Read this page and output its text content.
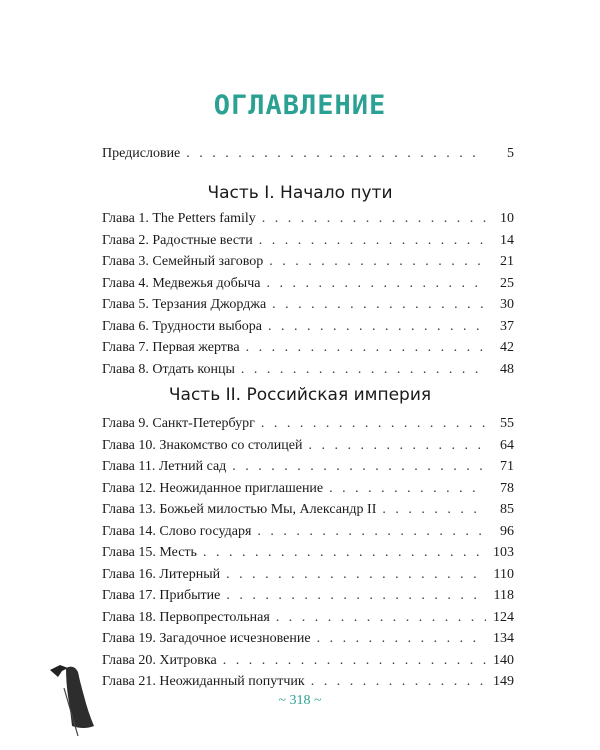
ОГЛАВЛЕНИЕ
Предисловие . . .	5
Часть I. Начало пути
Глава 1. The Petters family . . .	10
Глава 2. Радостные вести . . .	14
Глава 3. Семейный заговор . . .	21
Глава 4. Медвежья добыча . . .	25
Глава 5. Терзания Джорджа . . .	30
Глава 6. Трудности выбора . . .	37
Глава 7. Первая жертва . . .	42
Глава 8. Отдать концы . . .	48
Часть II. Российская империя
Глава 9. Санкт-Петербург . . .	55
Глава 10. Знакомство со столицей . . .	64
Глава 11. Летний сад . . .	71
Глава 12. Неожиданное приглашение . . .	78
Глава 13. Божьей милостью Мы, Александр II . . .	85
Глава 14. Слово государя . . .	96
Глава 15. Месть . . .	103
Глава 16. Литерный . . .	110
Глава 17. Прибытие . . .	118
Глава 18. Первопрестольная . . .	124
Глава 19. Загадочное исчезновение . . .	134
Глава 20. Хитровка . . .	140
Глава 21. Неожиданный попутчик . . .	149
~ 318 ~
